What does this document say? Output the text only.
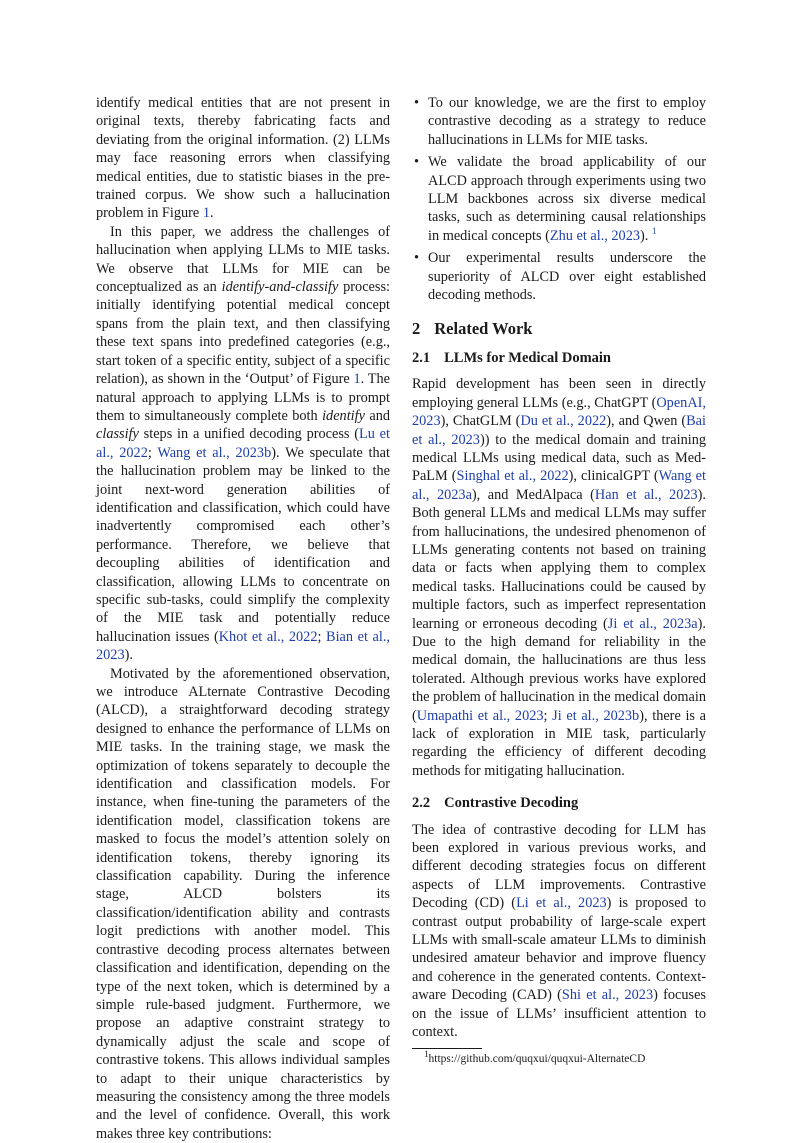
identify medical entities that are not present in original texts, thereby fabricating facts and deviating from the original information. (2) LLMs may face reasoning errors when classifying medical entities, due to statistic biases in the pre-trained corpus. We show such a hallucination problem in Figure 1.

In this paper, we address the challenges of hallucination when applying LLMs to MIE tasks. We observe that LLMs for MIE can be conceptualized as an identify-and-classify process: initially identifying potential medical concept spans from the plain text, and then classifying these text spans into predefined categories (e.g., start token of a specific entity, subject of a specific relation), as shown in the ‘Output’ of Figure 1. The natural approach to applying LLMs is to prompt them to simultaneously complete both identify and classify steps in a unified decoding process (Lu et al., 2022; Wang et al., 2023b). We speculate that the hallucination problem may be linked to the joint next-word generation abilities of identification and classification, which could have inadvertently compromised each other’s performance. Therefore, we believe that decoupling abilities of identification and classification, allowing LLMs to concentrate on specific sub-tasks, could simplify the complexity of the MIE task and potentially reduce hallucination issues (Khot et al., 2022; Bian et al., 2023).

Motivated by the aforementioned observation, we introduce ALternate Contrastive Decoding (ALCD), a straightforward decoding strategy designed to enhance the performance of LLMs on MIE tasks. In the training stage, we mask the optimization of tokens separately to decouple the identification and classification models. For instance, when fine-tuning the parameters of the identification model, classification tokens are masked to focus the model’s attention solely on identification tokens, thereby ignoring its classification capability. During the inference stage, ALCD bolsters its classification/identification ability and contrasts logit predictions with another model. This contrastive decoding process alternates between classification and identification, depending on the type of the next token, which is determined by a simple rule-based judgment. Furthermore, we propose an adaptive constraint strategy to dynamically adjust the scale and scope of contrastive tokens. This allows individual samples to adapt to their unique characteristics by measuring the consistency among the three models and the level of confidence. Overall, this work makes three key contributions:

• To our knowledge, we are the first to employ contrastive decoding as a strategy to reduce hallucinations in LLMs for MIE tasks.
• We validate the broad applicability of our ALCD approach through experiments using two LLM backbones across six diverse medical tasks, such as determining causal relationships in medical concepts (Zhu et al., 2023). $^1$
• Our experimental results underscore the superiority of ALCD over eight established decoding methods.
2 Related Work
2.1 LLMs for Medical Domain

Rapid development has been seen in directly employing general LLMs (e.g., ChatGPT (OpenAI, 2023), ChatGLM (Du et al., 2022), and Qwen (Bai et al., 2023)) to the medical domain and training medical LLMs using medical data, such as Med-PaLM (Singhal et al., 2022), clinicalGPT (Wang et al., 2023a), and MedAlpaca (Han et al., 2023). Both general LLMs and medical LLMs may suffer from hallucinations, the undesired phenomenon of LLMs generating contents not based on training data or facts when applying them to complex medical tasks. Hallucinations could be caused by multiple factors, such as imperfect representation learning or erroneous decoding (Ji et al., 2023a). Due to the high demand for reliability in the medical domain, the hallucinations are thus less tolerated. Although previous works have explored the problem of hallucination in the medical domain (Umapathi et al., 2023; Ji et al., 2023b), there is a lack of exploration in MIE task, particularly regarding the efficiency of different decoding methods for mitigating hallucination.

2.2 Contrastive Decoding

The idea of contrastive decoding for LLM has been explored in various previous works, and different decoding strategies focus on different aspects of LLM improvements. Contrastive Decoding (CD) (Li et al., 2023) is proposed to contrast output probability of large-scale expert LLMs with small-scale amateur LLMs to diminish undesired amateur behavior and improve fluency and coherence in the generated contents. Context-aware Decoding (CAD) (Shi et al., 2023) focuses on the issue of LLMs’ insufficient attention to context.

$^1$https://github.com/quqxui/quqxui-AlternateCD
